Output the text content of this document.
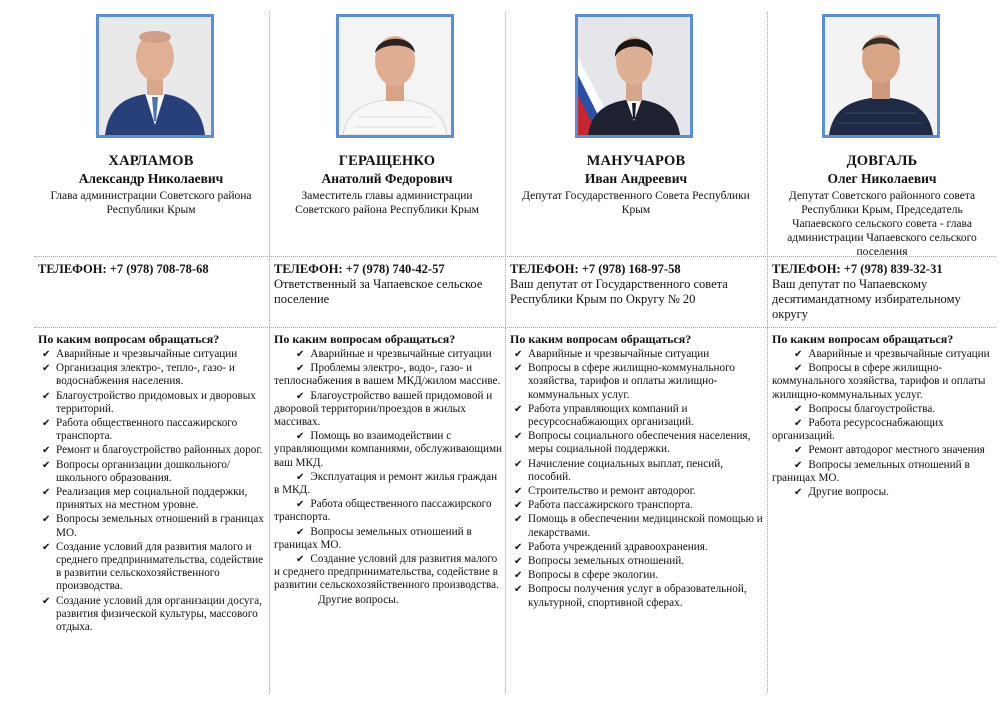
ХАРЛАМОВ
Александр Николаевич
Глава администрации Советского района Республики Крым
ТЕЛЕФОН: +7 (978) 708-78-68
По каким вопросам обращаться?
✔ Аварийные и чрезвычайные ситуации
✔ Организация электро-, тепло-, газо- и водоснабжения населения.
✔ Благоустройство придомовых и дворовых территорий.
✔ Работа общественного пассажирского транспорта.
✔ Ремонт и благоустройство районных дорог.
✔ Вопросы организации дошкольного/школьного образования.
✔ Реализация мер социальной поддержки, принятых на местном уровне.
✔ Вопросы земельных отношений в границах МО.
✔ Создание условий для развития малого и среднего предпринимательства, содействие в развитии сельскохозяйственного производства.
✔ Создание условий для организации досуга, развития физической культуры, массового отдыха.
ГЕРАЩЕНКО
Анатолий Федорович
Заместитель главы администрации Советского района Республики Крым
ТЕЛЕФОН: +7 (978) 740-42-57
Ответственный за Чапаевское сельское поселение
По каким вопросам обращаться?
✔ Аварийные и чрезвычайные ситуации
✔ Проблемы электро-, водо-, газо- и теплоснабжения в вашем МКД/жилом массиве.
✔ Благоустройство вашей придомовой и дворовой территории/проездов в жилых массивах.
✔ Помощь во взаимодействии с управляющими компаниями, обслуживающими ваш МКД.
✔ Эксплуатация и ремонт жилья граждан в МКД.
✔ Работа общественного пассажирского транспорта.
✔ Вопросы земельных отношений в границах МО.
✔ Создание условий для развития малого и среднего предпринимательства, содействие в развитии сельскохозяйственного производства.
Другие вопросы.
МАНУЧАРОВ
Иван Андреевич
Депутат Государственного Совета Республики Крым
ТЕЛЕФОН: +7 (978) 168-97-58
Ваш депутат от Государственного совета Республики Крым по Округу № 20
По каким вопросам обращаться?
✔ Аварийные и чрезвычайные ситуации
✔ Вопросы в сфере жилищно-коммунального хозяйства, тарифов и оплаты жилищно-коммунальных услуг.
✔ Работа управляющих компаний и ресурсоснабжающих организаций.
✔ Вопросы социального обеспечения населения, меры социальной поддержки.
✔ Начисление социальных выплат, пенсий, пособий.
✔ Строительство и ремонт автодорог.
✔ Работа пассажирского транспорта.
✔ Помощь в обеспечении медицинской помощью и лекарствами.
✔ Работа учреждений здравоохранения.
✔ Вопросы земельных отношений.
✔ Вопросы в сфере экологии.
✔ Вопросы получения услуг в образовательной, культурной, спортивной сферах.
ДОВГАЛЬ
Олег Николаевич
Депутат Советского районного совета Республики Крым, Председатель Чапаевского сельского совета - глава администрации Чапаевского сельского поселения
ТЕЛЕФОН: +7 (978) 839-32-31
Ваш депутат по Чапаевскому десятимандатному избирательному округу
По каким вопросам обращаться?
✔ Аварийные и чрезвычайные ситуации
✔ Вопросы в сфере жилищно-коммунального хозяйства, тарифов и оплаты жилищно-коммунальных услуг.
✔ Вопросы благоустройства.
✔ Работа ресурсоснабжающих организаций.
✔ Ремонт автодорог местного значения
✔ Вопросы земельных отношений в границах МО.
✔ Другие вопросы.
